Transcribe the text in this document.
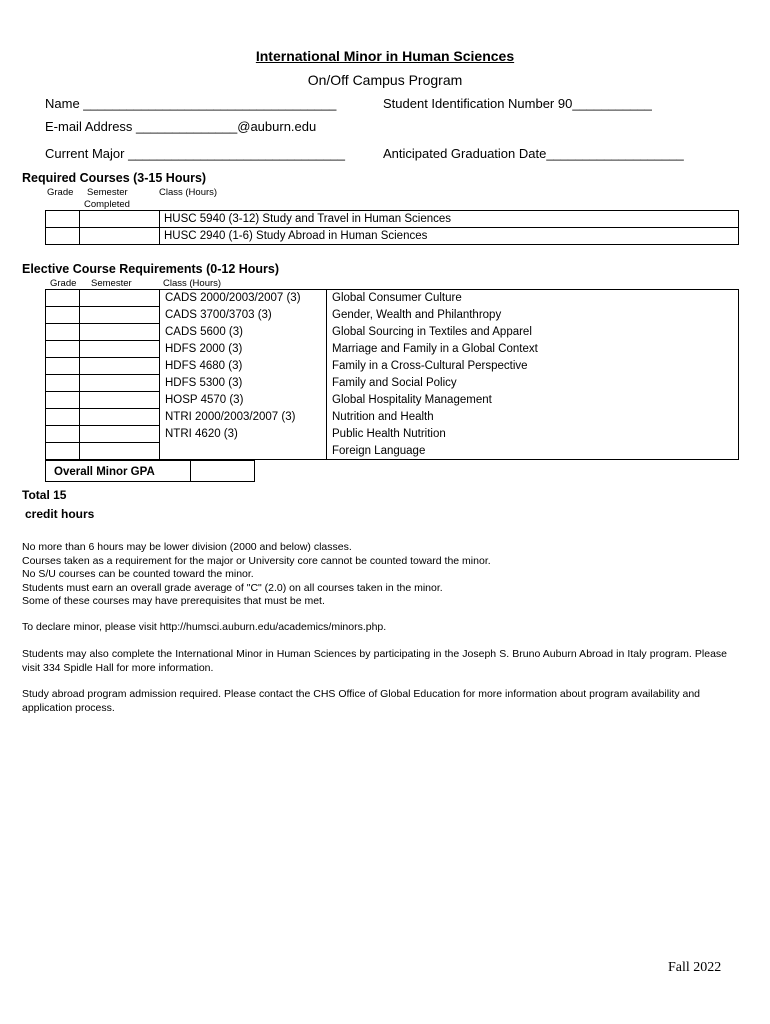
International Minor in Human Sciences
On/Off Campus Program
Name ___________________________________	Student Identification Number 90___________
E-mail Address ______________@auburn.edu
Current Major ______________________________	Anticipated Graduation Date___________________
Required Courses (3-15 Hours)
Grade Semester
Completed
Class (Hours)
		HUSC 5940 (3-12) Study and Travel in Human Sciences
		HUSC 2940 (1-6) Study Abroad in Human Sciences
Elective Course Requirements (0-12 Hours)
Grade Semester	Class (Hours)
		CADS 2000/2003/2007 (3)	Global Consumer Culture
		CADS 3700/3703 (3)	Gender, Wealth and Philanthropy
		CADS 5600 (3)	Global Sourcing in Textiles and Apparel
		HDFS 2000 (3)	Marriage and Family in a Global Context
		HDFS 4680 (3)	Family in a Cross-Cultural Perspective
		HDFS 5300 (3)	Family and Social Policy
		HOSP 4570 (3)	Global Hospitality Management
		NTRI 2000/2003/2007 (3)	Nutrition and Health
		NTRI 4620 (3)	Public Health Nutrition
			Foreign Language
Overall Minor GPA
Total 15
credit hours
No more than 6 hours may be lower division (2000 and below) classes.
Courses taken as a requirement for the major or University core cannot be counted toward the minor.
No S/U courses can be counted toward the minor.
Students must earn an overall grade average of "C" (2.0) on all courses taken in the minor.
Some of these courses may have prerequisites that must be met.
To declare minor, please visit http://humsci.auburn.edu/academics/minors.php.
Students may also complete the International Minor in Human Sciences by participating in the Joseph S. Bruno Auburn Abroad in Italy program. Please visit 334 Spidle Hall for more information.
Study abroad program admission required. Please contact the CHS Office of Global Education for more information about program availability and application process.
Fall 2022
